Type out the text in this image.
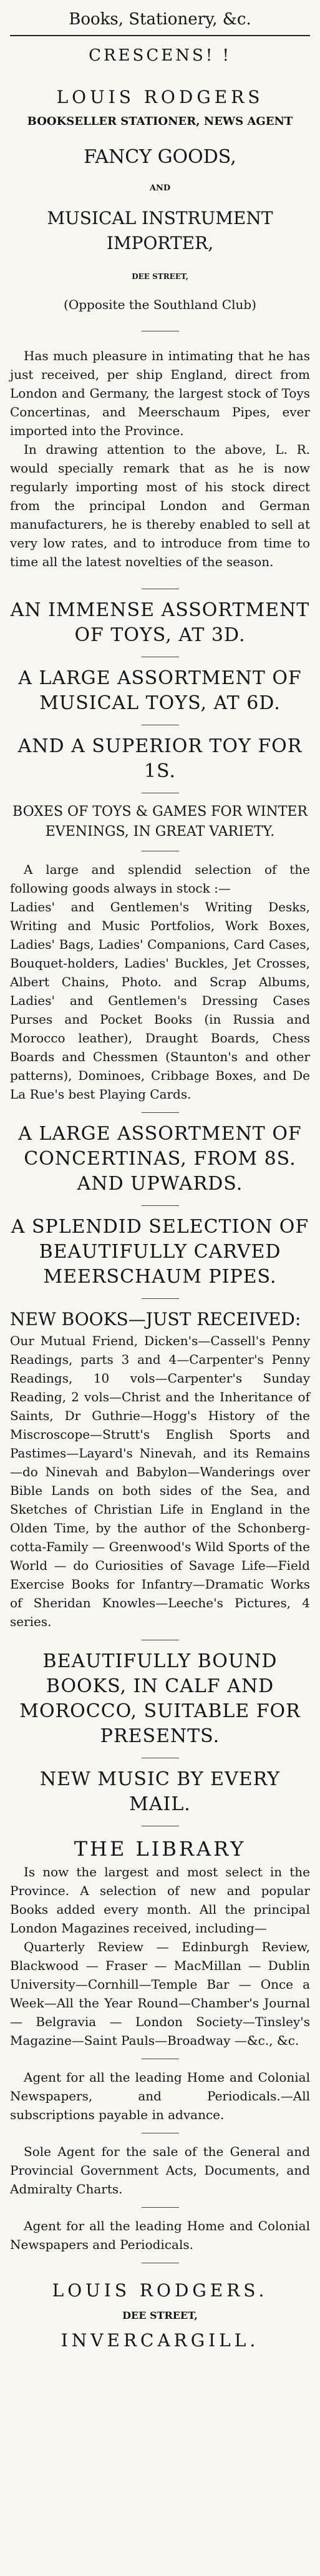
Books, Stationery, &c.
CRESCENS! !
LOUIS RODGERS
BOOKSELLER STATIONER, NEWS AGENT
FANCY GOODS,
AND
MUSICAL INSTRUMENT IMPORTER,
DEE STREET,
(Opposite the Southland Club)

Has much pleasure in intimating that he has just received, per ship England, direct from London and Germany, the largest stock of Toys Concertinas, and Meerschaum Pipes, ever imported into the Province.

In drawing attention to the above, L. R. would specially remark that as he is now regularly importing most of his stock direct from the principal London and German manufacturers, he is thereby enabled to sell at very low rates, and to introduce from time to time all the latest novelties of the season.

AN IMMENSE ASSORTMENT OF TOYS, AT 3D.

A LARGE ASSORTMENT OF MUSICAL TOYS, AT 6D.

AND A SUPERIOR TOY FOR 1S.

BOXES OF TOYS & GAMES FOR WINTER EVENINGS, IN GREAT VARIETY.

A large and splendid selection of the following goods always in stock :—

Ladies' and Gentlemen's Writing Desks, Writing and Music Portfolios, Work Boxes, Ladies' Bags, Ladies' Companions, Card Cases, Bouquet-holders, Ladies' Buckles, Jet Crosses, Albert Chains, Photo. and Scrap Albums, Ladies' and Gentlemen's Dressing Cases Purses and Pocket Books (in Russia and Morocco leather), Draught Boards, Chess Boards and Chessmen (Staunton's and other patterns), Dominoes, Cribbage Boxes, and De La Rue's best Playing Cards.

A LARGE ASSORTMENT OF CONCERTINAS, FROM 8S. AND UPWARDS.

A SPLENDID SELECTION OF BEAUTIFULLY CARVED MEERSCHAUM PIPES.

NEW BOOKS—JUST RECEIVED:

Our Mutual Friend, Dicken's—Cassell's Penny Readings, parts 3 and 4—Carpenter's Penny Readings, 10 vols—Carpenter's Sunday Reading, 2 vols—Christ and the Inheritance of Saints, Dr Guthrie—Hogg's History of the Miscroscope—Strutt's English Sports and Pastimes—Layard's Ninevah, and its Remains—do Ninevah and Babylon—Wanderings over Bible Lands on both sides of the Sea, and Sketches of Christian Life in England in the Olden Time, by the author of the Schonberg-cotta-Family — Greenwood's Wild Sports of the World — do Curiosities of Savage Life—Field Exercise Books for Infantry—Dramatic Works of Sheridan Knowles—Leeche's Pictures, 4 series.

BEAUTIFULLY BOUND BOOKS, IN CALF AND MOROCCO, SUITABLE FOR PRESENTS.

NEW MUSIC BY EVERY MAIL.

THE LIBRARY

Is now the largest and most select in the Province. A selection of new and popular Books added every month. All the principal London Magazines received, including—

Quarterly Review — Edinburgh Review, Blackwood — Fraser — MacMillan — Dublin University—Cornhill—Temple Bar — Once a Week—All the Year Round—Chamber's Journal — Belgravia — London Society—Tinsley's Magazine—Saint Pauls—Broadway —&c., &c.

Agent for all the leading Home and Colonial Newspapers, and Periodicals.—All subscriptions payable in advance.

Sole Agent for the sale of the General and Provincial Government Acts, Documents, and Admiralty Charts.

Agent for all the leading Home and Colonial Newspapers and Periodicals.

LOUIS RODGERS.
DEE STREET,
INVERCARGILL.
